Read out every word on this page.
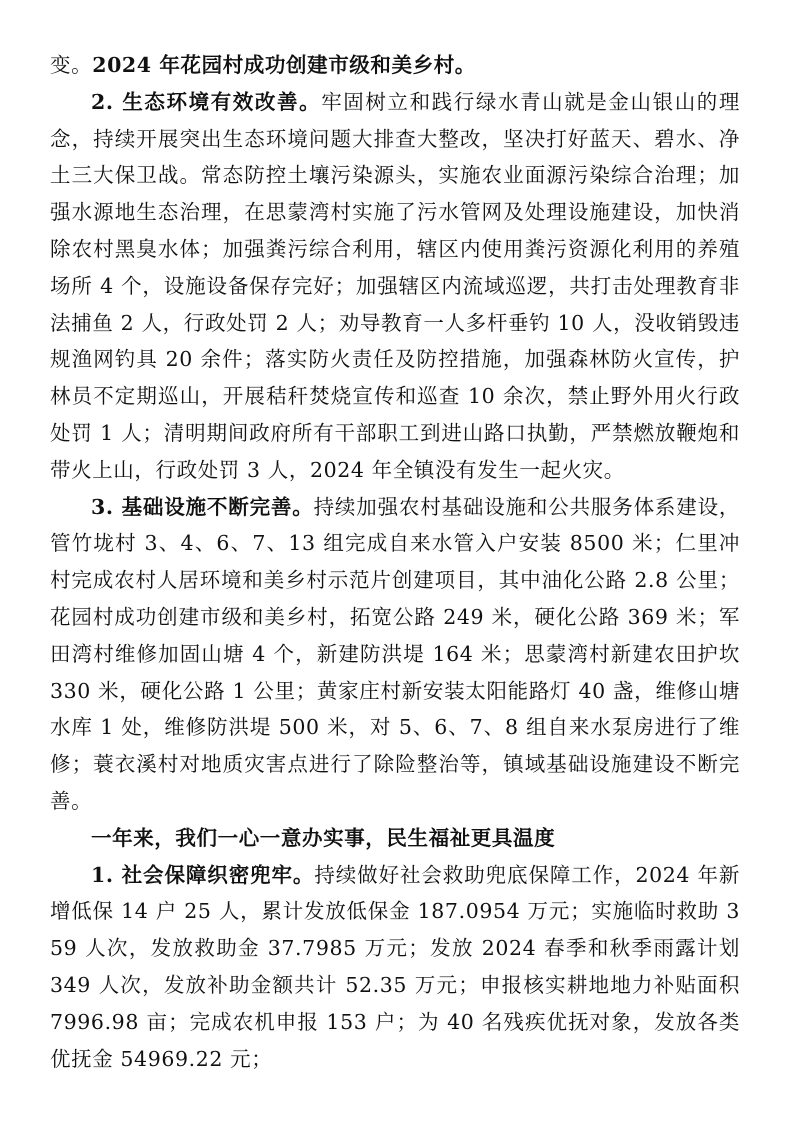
变。2024 年花园村成功创建市级和美乡村。

2. 生态环境有效改善。牢固树立和践行绿水青山就是金山银山的理念，持续开展突出生态环境问题大排查大整改，坚决打好蓝天、碧水、净土三大保卫战。常态防控土壤污染源头，实施农业面源污染综合治理；加强水源地生态治理，在思蒙湾村实施了污水管网及处理设施建设，加快消除农村黑臭水体；加强粪污综合利用，辖区内使用粪污资源化利用的养殖场所 4 个，设施设备保存完好；加强辖区内流域巡逻，共打击处理教育非法捕鱼 2 人，行政处罚 2 人；劝导教育一人多杆垂钓 10 人，没收销毁违规渔网钓具 20 余件；落实防火责任及防控措施，加强森林防火宣传，护林员不定期巡山，开展秸秆焚烧宣传和巡查 10 余次，禁止野外用火行政处罚 1 人；清明期间政府所有干部职工到进山路口执勤，严禁燃放鞭炮和带火上山，行政处罚 3 人，2024 年全镇没有发生一起火灾。

3. 基础设施不断完善。持续加强农村基础设施和公共服务体系建设，管竹垅村 3、4、6、7、13 组完成自来水管入户安装 8500 米；仁里冲村完成农村人居环境和美乡村示范片创建项目，其中油化公路 2.8 公里；花园村成功创建市级和美乡村，拓宽公路 249 米，硬化公路 369 米；军田湾村维修加固山塘 4 个，新建防洪堤 164 米；思蒙湾村新建农田护坎 330 米，硬化公路 1 公里；黄家庄村新安装太阳能路灯 40 盏，维修山塘水库 1 处，维修防洪堤 500 米，对 5、6、7、8 组自来水泵房进行了维修；蓑衣溪村对地质灾害点进行了除险整治等，镇域基础设施建设不断完善。

一年来，我们一心一意办实事，民生福祉更具温度

1. 社会保障织密兜牢。持续做好社会救助兜底保障工作，2024 年新增低保 14 户 25 人，累计发放低保金 187.0954 万元；实施临时救助 359 人次，发放救助金 37.7985 万元；发放 2024 春季和秋季雨露计划 349 人次，发放补助金额共计 52.35 万元；申报核实耕地地力补贴面积 7996.98 亩；完成农机申报 153 户；为 40 名残疾优抚对象，发放各类优抚金 54969.22 元；
